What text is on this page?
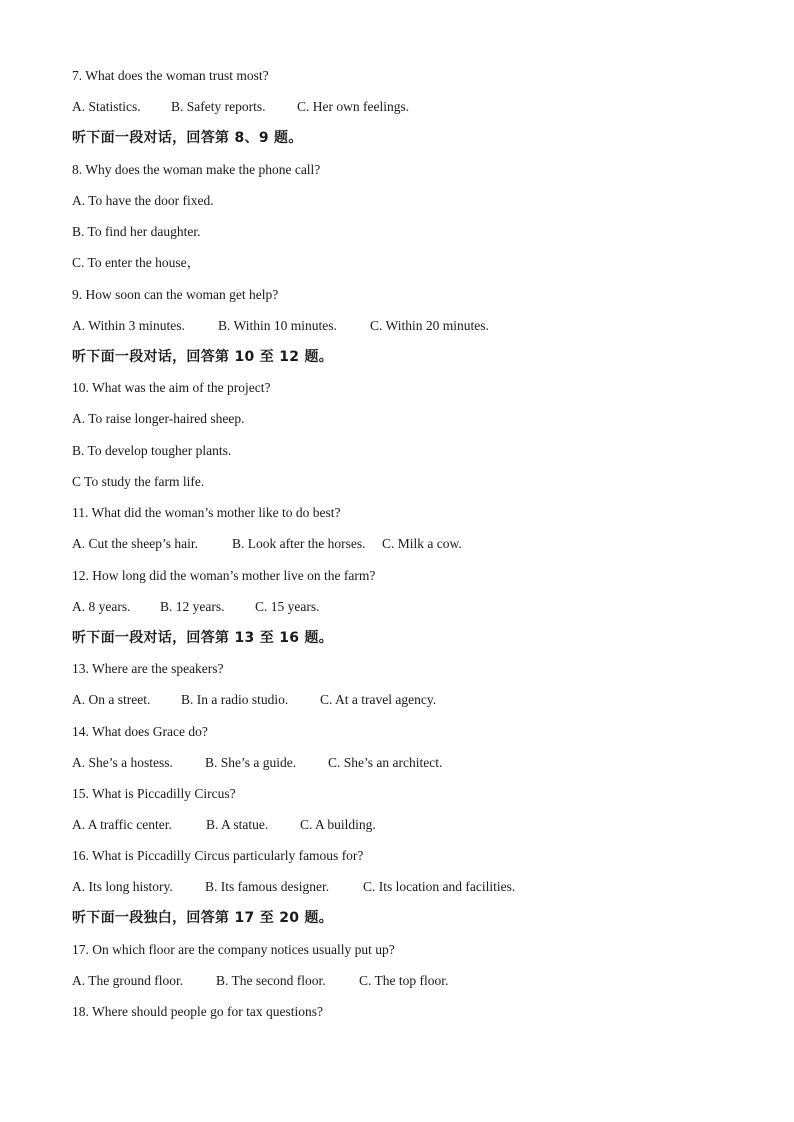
7. What does the woman trust most?
A. Statistics. B. Safety reports. C. Her own feelings.
听下面一段对话，回答第 8、9 题。
8. Why does the woman make the phone call?
A. To have the door fixed.
B. To find her daughter.
C. To enter the house，
9. How soon can the woman get help?
A. Within 3 minutes. B. Within 10 minutes. C. Within 20 minutes.
听下面一段对话，回答第 10 至 12 题。
10. What was the aim of the project?
A. To raise longer-haired sheep.
B. To develop tougher plants.
C To study the farm life.
11. What did the woman’s mother like to do best?
A. Cut the sheep’s hair.	B. Look after the horses. C. Milk a cow.
12. How long did the woman’s mother live on the farm?
A. 8 years. B. 12 years. C. 15 years.
听下面一段对话，回答第 13 至 16 题。
13. Where are the speakers?
A. On a street. B. In a radio studio. C. At a travel agency.
14. What does Grace do?
A. She’s a hostess. B. She’s a guide. C. She’s an architect.
15. What is Piccadilly Circus?
A. A traffic center.	B. A statue. C. A building.
16. What is Piccadilly Circus particularly famous for?
A. Its long history. B. Its famous designer.	C. Its location and facilities.
听下面一段独白，回答第 17 至 20 题。
17. On which floor are the company notices usually put up?
A. The ground floor. B. The second floor. C. The top floor.
18. Where should people go for tax questions?
